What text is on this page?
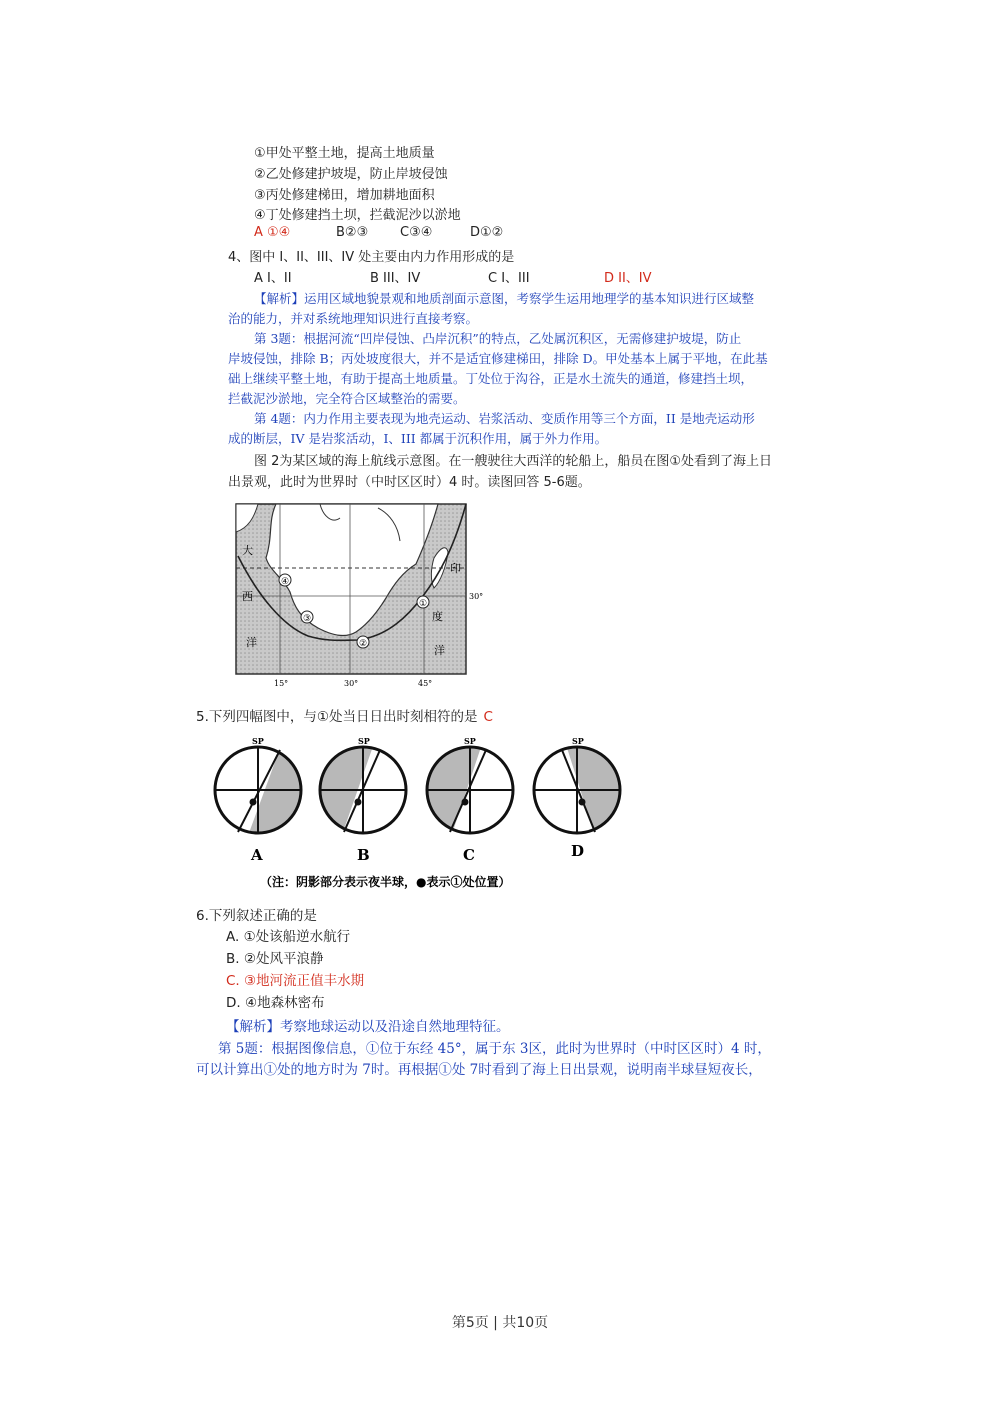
①甲处平整土地，提高土地质量
②乙处修建护坡堤，防止岸坡侵蚀
③丙处修建梯田，增加耕地面积
④丁处修建挡土坝，拦截泥沙以淤地
A ①④	B②③ C③④	D①②
4、图中 I、II、III、IV 处主要由内力作用形成的是
A I、II	B III、IV	C I、III	D II、IV
【解析】运用区域地貌景观和地质剖面示意图，考察学生运用地理学的基本知识进行区域整
治的能力，并对系统地理知识进行直接考察。
第 3题：根据河流“凹岸侵蚀、凸岸沉积”的特点，乙处属沉积区，无需修建护坡堤，防止
岸坡侵蚀，排除 B；丙处坡度很大，并不是适宜修建梯田，排除 D。甲处基本上属于平地，在此基
础上继续平整土地，有助于提高土地质量。丁处位于沟谷，正是水土流失的通道，修建挡土坝，
拦截泥沙淤地，完全符合区域整治的需要。
第 4题：内力作用主要表现为地壳运动、岩浆活动、变质作用等三个方面，II 是地壳运动形
成的断层，IV 是岩浆活动，I、III 都属于沉积作用，属于外力作用。
图 2为某区域的海上航线示意图。在一艘驶往大西洋的轮船上，船员在图①处看到了海上日
出景观，此时为世界时（中时区区时）4 时。读图回答 5-6题。
①
②
③
④
大
西
洋
印
度
洋
30°
15°	30°	45°
5.下列四幅图中，与①处当日日出时刻相符的是 C
SP
A
SP
B
SP
C
SP
D
（注：阴影部分表示夜半球，●表示①处位置）
6.下列叙述正确的是
A. ①处该船逆水航行
B. ②处风平浪静
C. ③地河流正值丰水期
D. ④地森林密布
【解析】考察地球运动以及沿途自然地理特征。
第 5题：根据图像信息，①位于东经 45°，属于东 3区，此时为世界时（中时区区时）4 时，
可以计算出①处的地方时为 7时。再根据①处 7时看到了海上日出景观，说明南半球昼短夜长，
第5页 | 共10页
